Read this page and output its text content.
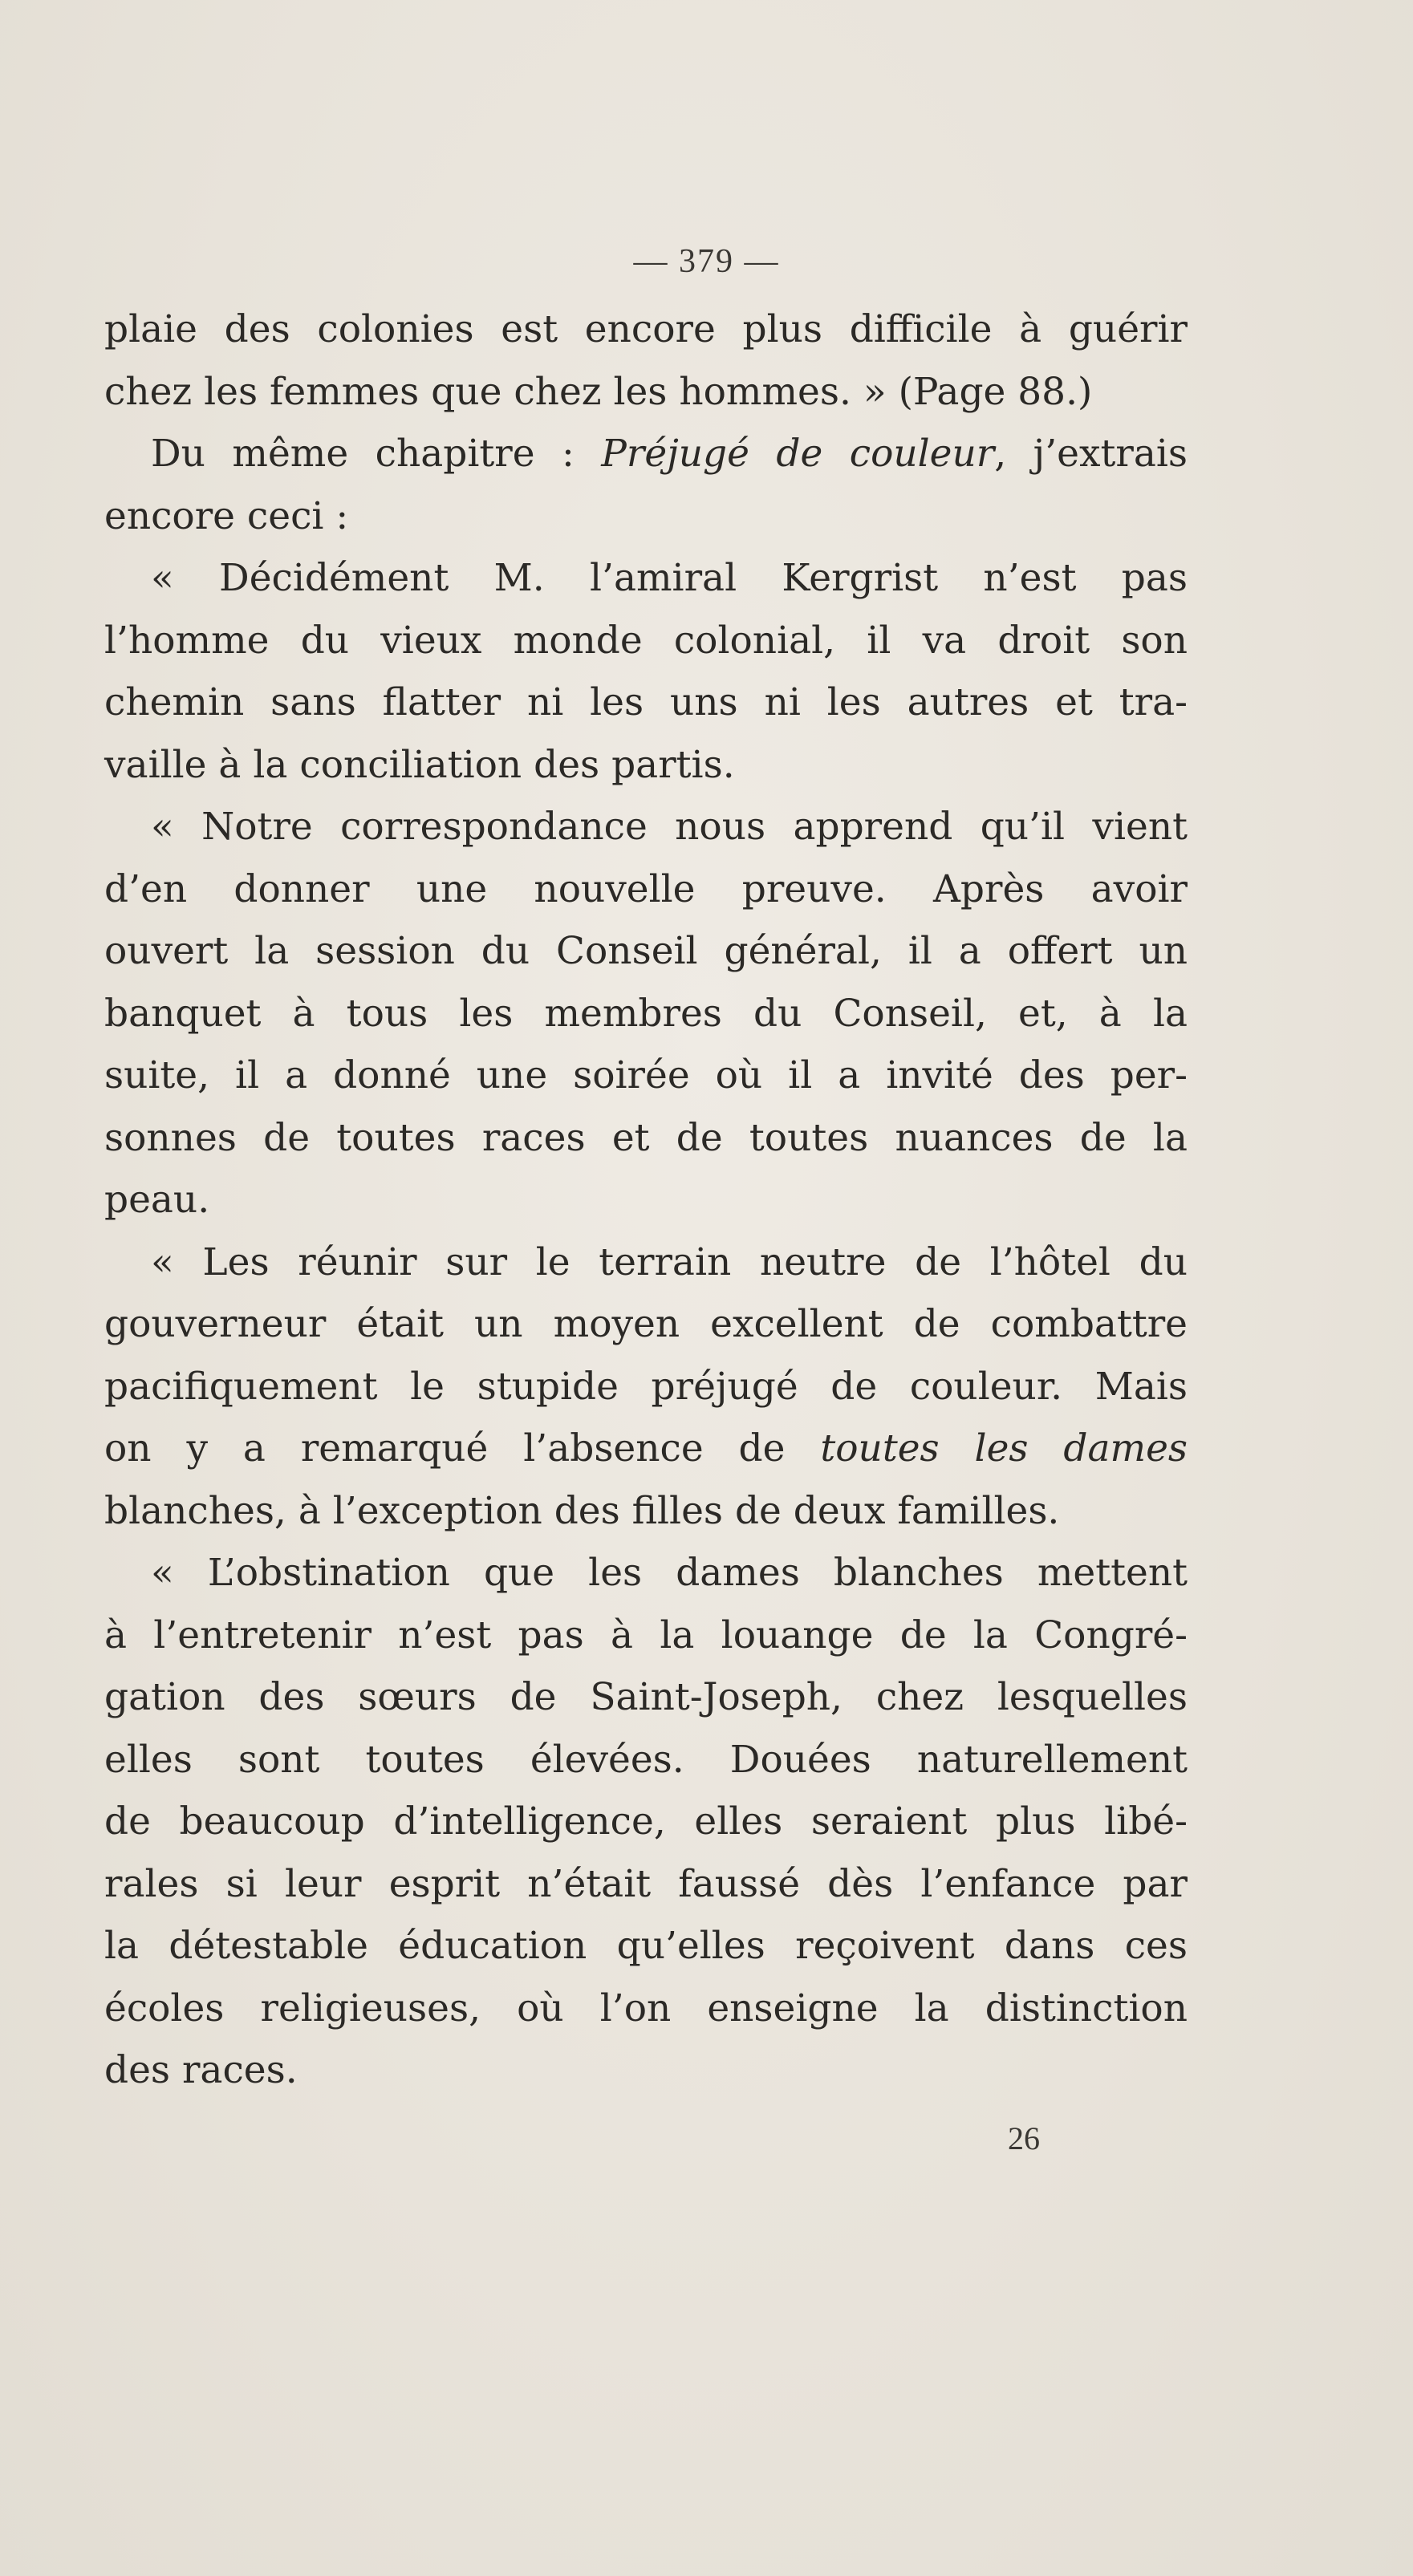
— 379 —
plaie des colonies est encore plus difficile à guérir
chez les femmes que chez les hommes. » (Page 88.)
Du même chapitre : Préjugé de couleur, j’extrais
encore ceci :
« Décidément M. l’amiral Kergrist n’est pas
l’homme du vieux monde colonial, il va droit son
chemin sans flatter ni les uns ni les autres et tra-
vaille à la conciliation des partis.
« Notre correspondance nous apprend qu’il vient
d’en donner une nouvelle preuve. Après avoir
ouvert la session du Conseil général, il a offert un
banquet à tous les membres du Conseil, et, à la
suite, il a donné une soirée où il a invité des per-
sonnes de toutes races et de toutes nuances de la
peau.
« Les réunir sur le terrain neutre de l’hôtel du
gouverneur était un moyen excellent de combattre
pacifiquement le stupide préjugé de couleur. Mais
on y a remarqué l’absence de toutes les dames
blanches, à l’exception des filles de deux familles.
« L’obstination que les dames blanches mettent
à l’entretenir n’est pas à la louange de la Congré-
gation des sœurs de Saint-Joseph, chez lesquelles
elles sont toutes élevées. Douées naturellement
de beaucoup d’intelligence, elles seraient plus libé-
rales si leur esprit n’était faussé dès l’enfance par
la détestable éducation qu’elles reçoivent dans ces
écoles religieuses, où l’on enseigne la distinction
des races.
26
